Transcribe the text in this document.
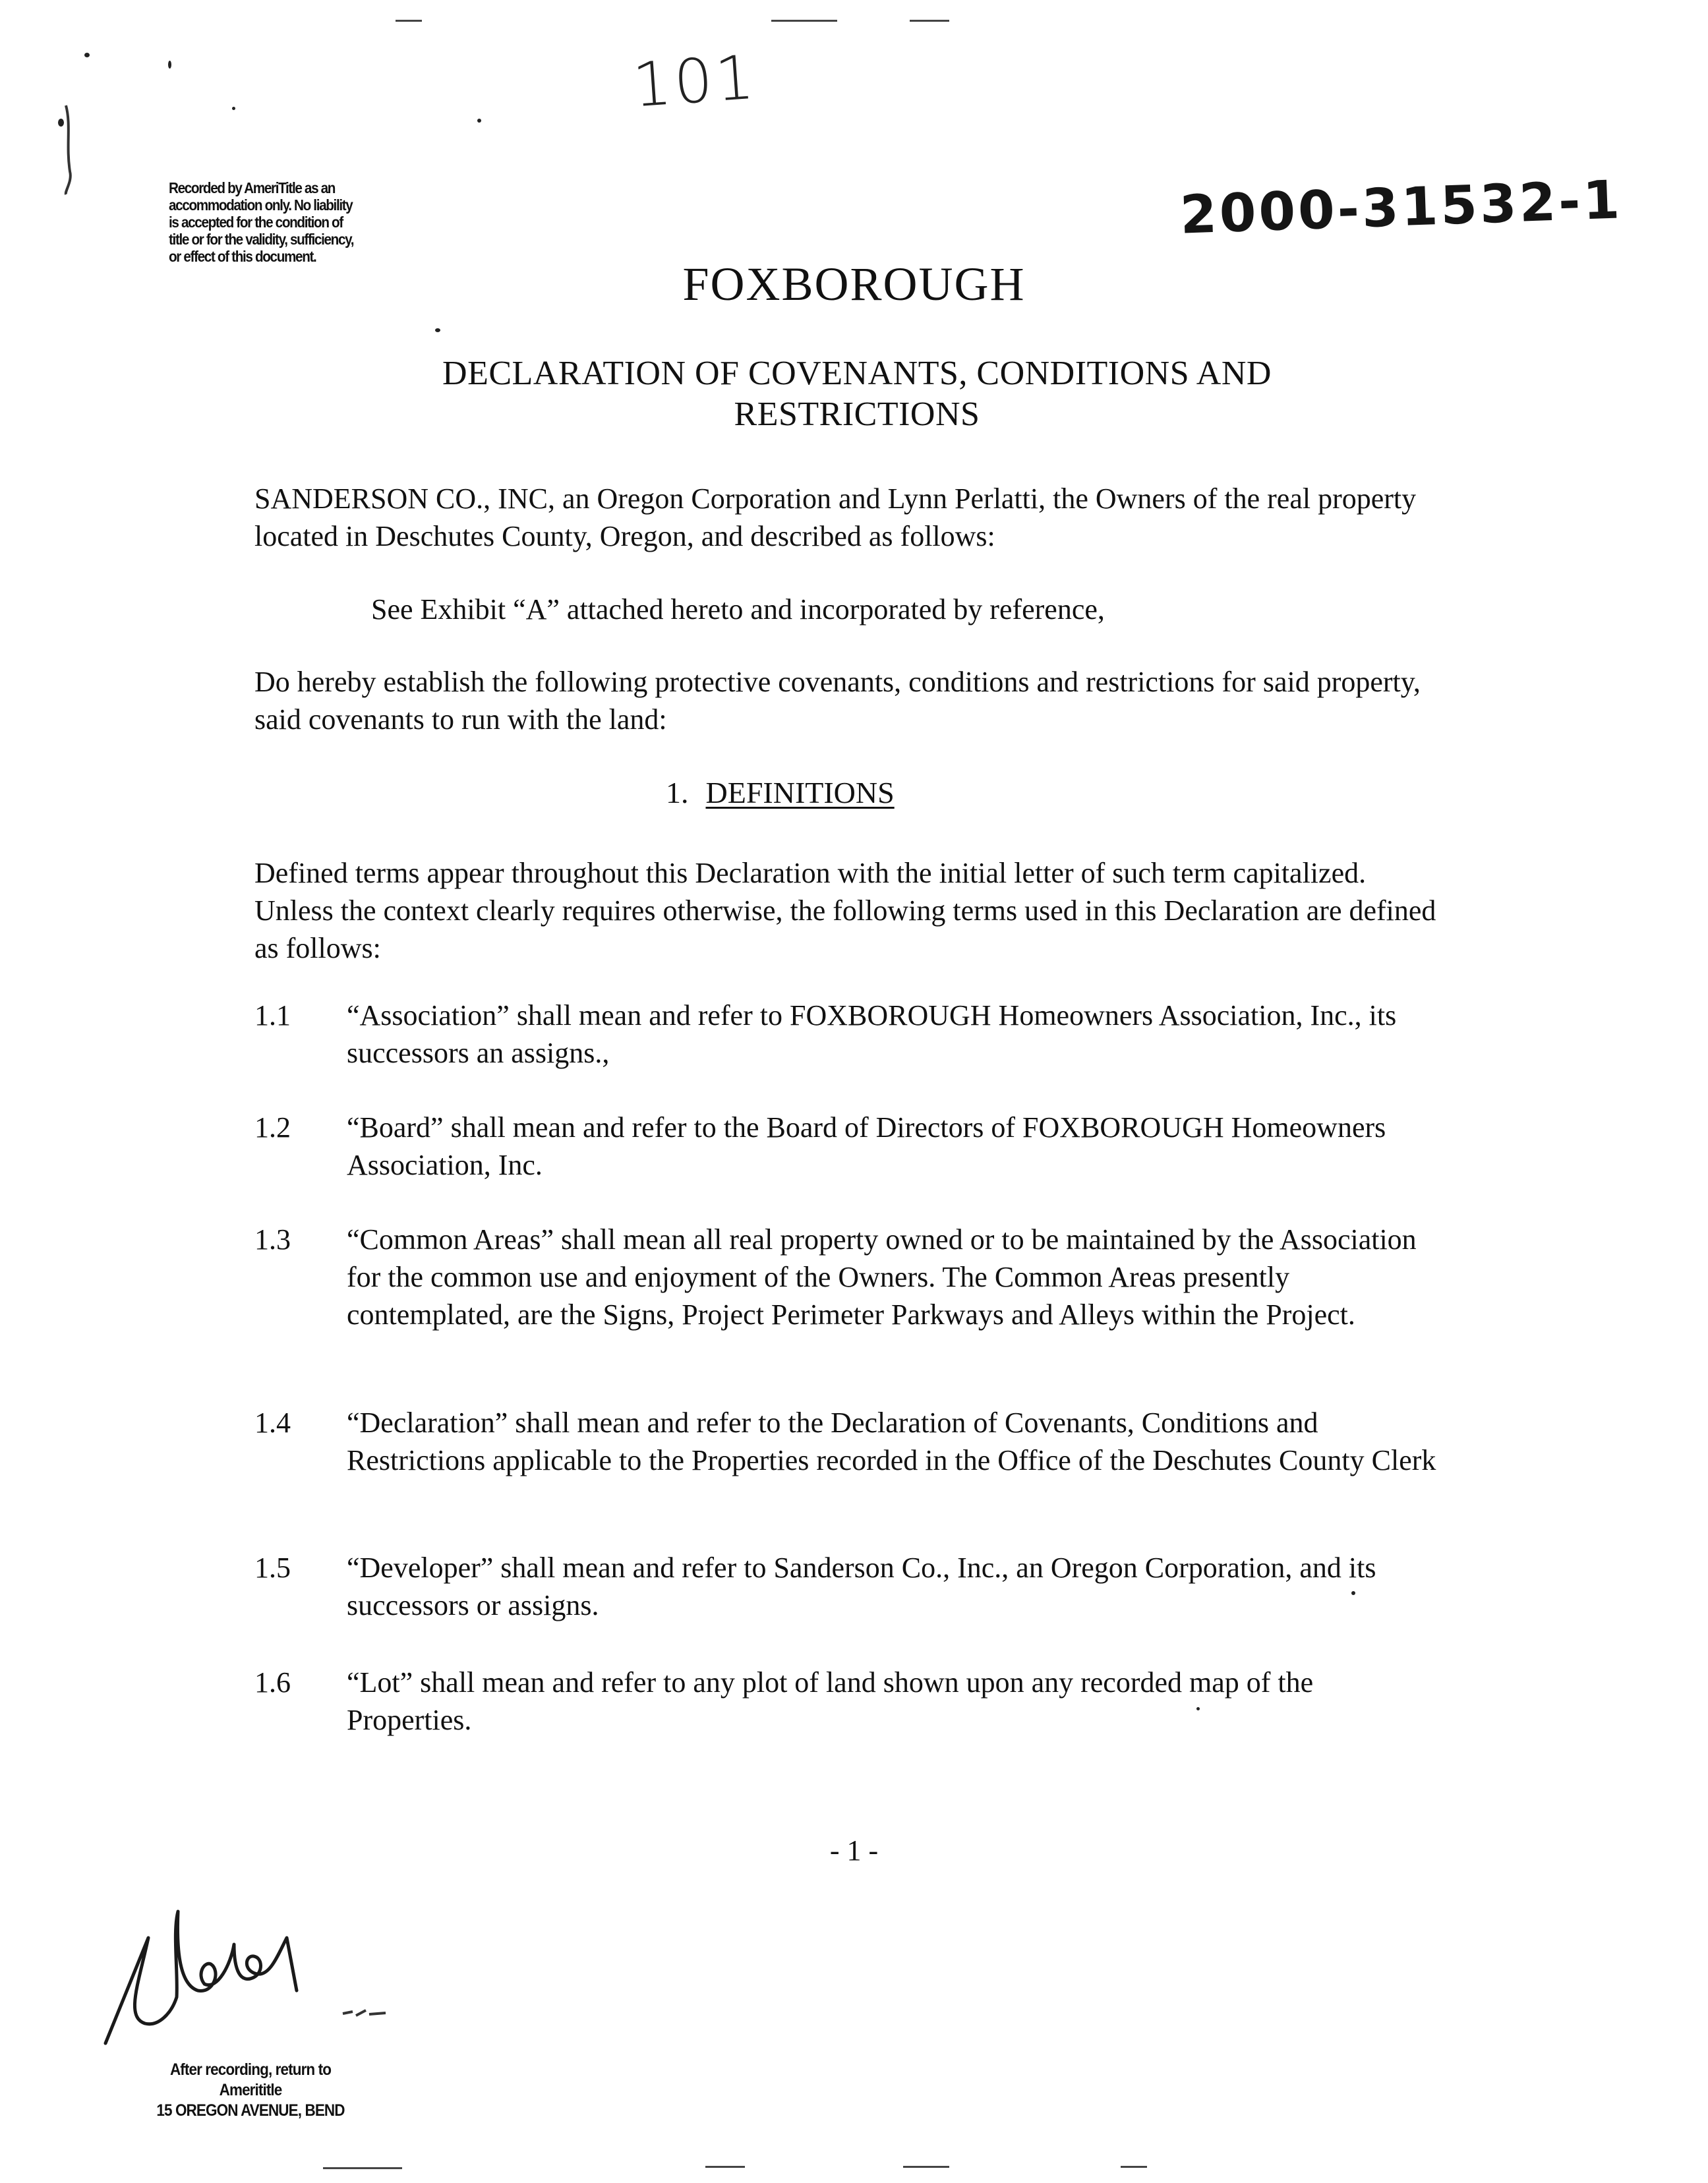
101
2000-31532-1
Recorded by AmeriTitle as an
accommodation only. No liability
is accepted for the condition of
title or for the validity, sufficiency,
or effect of this document.
FOXBOROUGH
DECLARATION OF COVENANTS, CONDITIONS AND
RESTRICTIONS
SANDERSON CO., INC, an Oregon Corporation and Lynn Perlatti, the Owners of the real property located in Deschutes County, Oregon, and described as follows:
See Exhibit “A” attached hereto and incorporated by reference,
Do hereby establish the following protective covenants, conditions and restrictions for said property, said covenants to run with the land:
1. DEFINITIONS
Defined terms appear throughout this Declaration with the initial letter of such term capitalized. Unless the context clearly requires otherwise, the following terms used in this Declaration are defined as follows:
1.1	“Association” shall mean and refer to FOXBOROUGH Homeowners Association, Inc., its successors an assigns.,
1.2	“Board” shall mean and refer to the Board of Directors of FOXBOROUGH Homeowners Association, Inc.
1.3	“Common Areas” shall mean all real property owned or to be maintained by the Association for the common use and enjoyment of the Owners. The Common Areas presently contemplated, are the Signs, Project Perimeter Parkways and Alleys within the Project.
1.4	“Declaration” shall mean and refer to the Declaration of Covenants, Conditions and Restrictions applicable to the Properties recorded in the Office of the Deschutes County Clerk
1.5	“Developer” shall mean and refer to Sanderson Co., Inc., an Oregon Corporation, and its successors or assigns.
1.6	“Lot” shall mean and refer to any plot of land shown upon any recorded map of the Properties.
- 1 -
After recording, return to
Amerititle
15 OREGON AVENUE, BEND
